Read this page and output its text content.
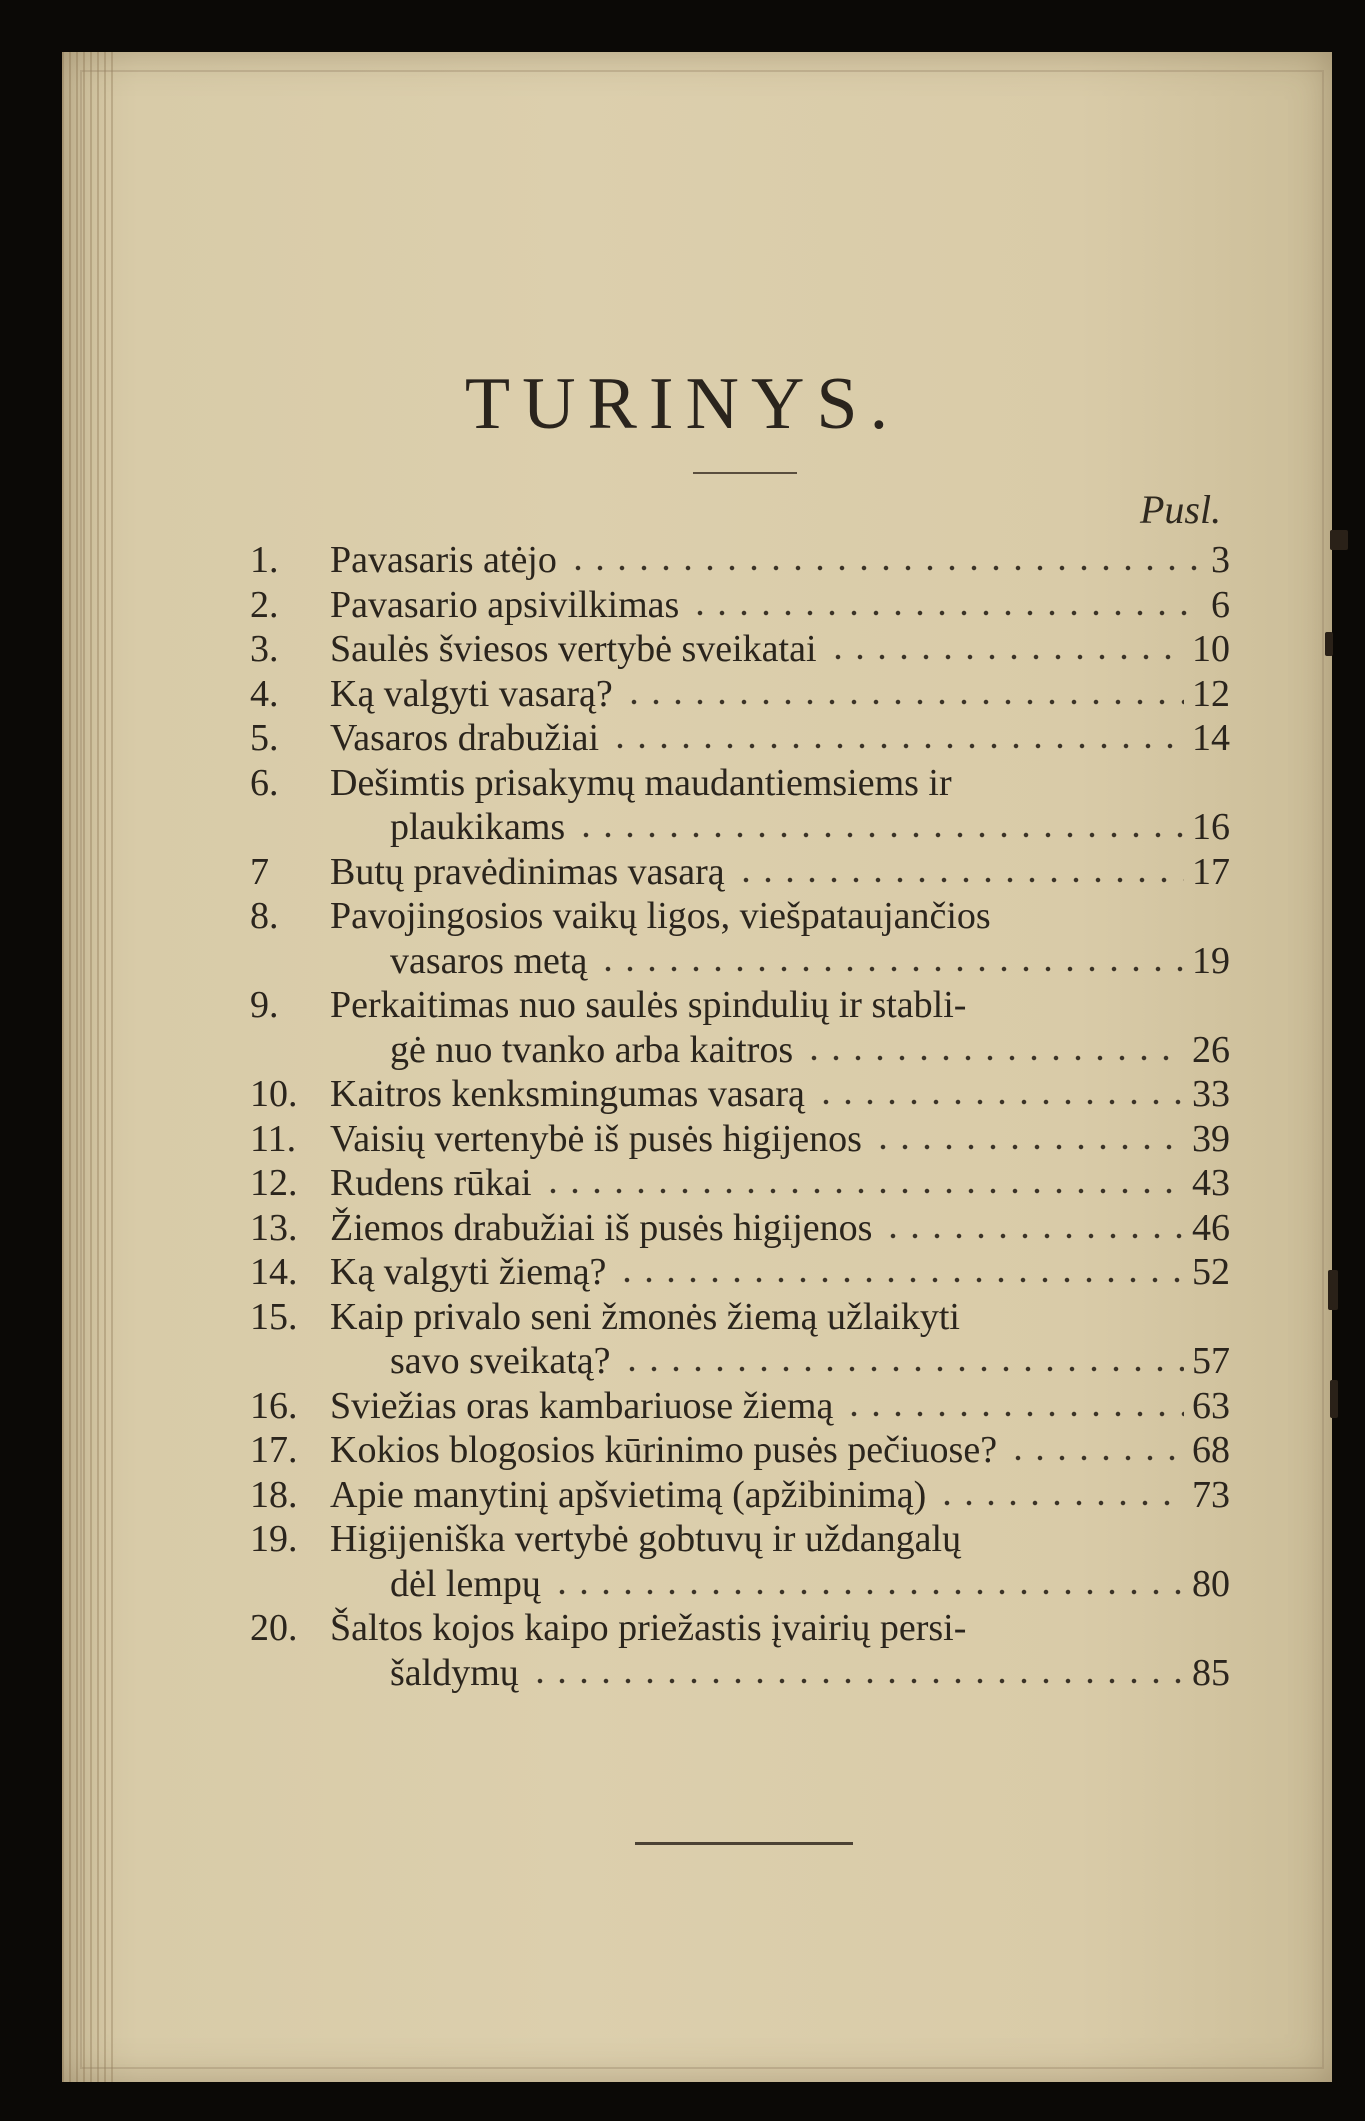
TURINYS.
Pusl.
1.	Pavasaris atėjo	3
2.	Pavasario apsivilkimas	6
3.	Saulės šviesos vertybė sveikatai	10
4.	Ką valgyti vasarą?	12
5.	Vasaros drabužiai	14
6.	Dešimtis prisakymų maudantiemsiems ir
plaukikams	16
7	Butų pravėdinimas vasarą	17
8.	Pavojingosios vaikų ligos, viešpataujančios
vasaros metą	19
9.	Perkaitimas nuo saulės spindulių ir stabli-
gė nuo tvanko arba kaitros	26
10. Kaitros kenksmingumas vasarą	33
11. Vaisių vertenybė iš pusės higijenos	39
12. Rudens rūkai	43
13. Žiemos drabužiai iš pusės higijenos	46
14. Ką valgyti žiemą?	52
15. Kaip privalo seni žmonės žiemą užlaikyti
savo sveikatą?	57
16. Sviežias oras kambariuose žiemą	63
17. Kokios blogosios kūrinimo pusės pečiuose?	68
18. Apie manytinį apšvietimą (apžibinimą)	73
19. Higijeniška vertybė gobtuvų ir uždangalų
dėl lempų	80
20. Šaltos kojos kaipo priežastis įvairių persi-
šaldymų	85
